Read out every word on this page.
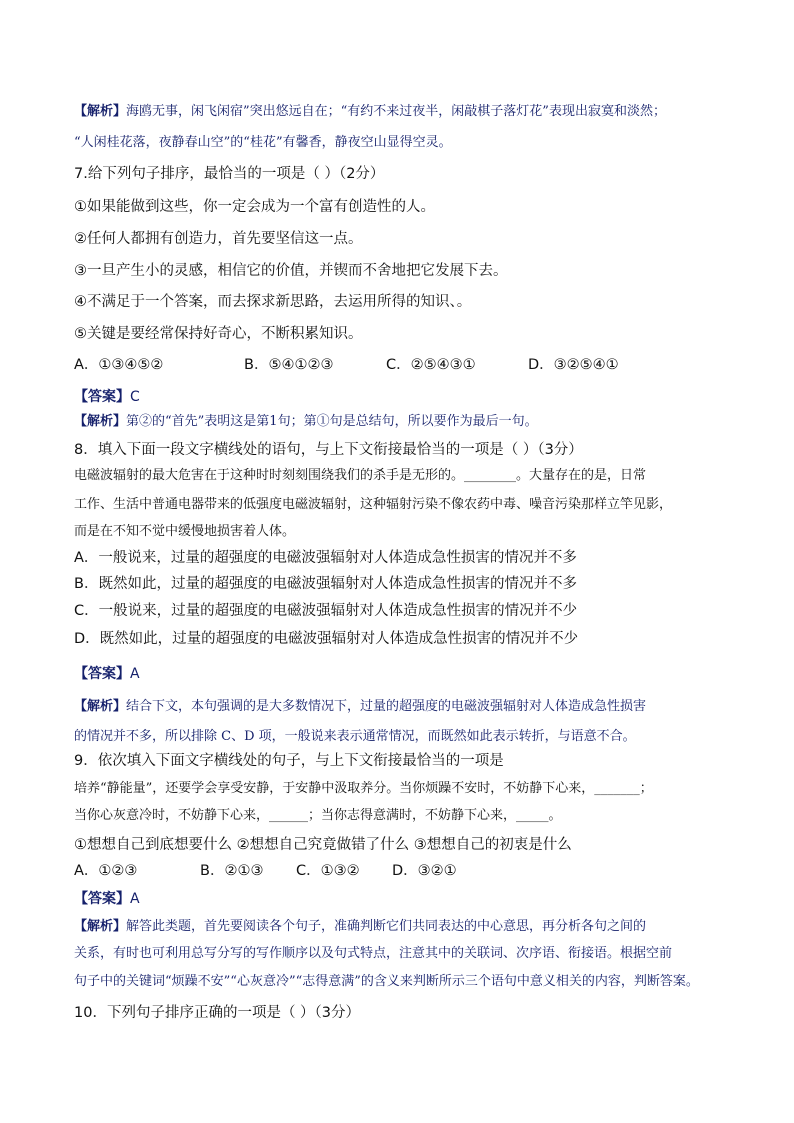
【解析】海鸥无事，闲飞闲宿”突出悠远自在；“有约不来过夜半，闲敲棋子落灯花”表现出寂寞和淡然；
“人闲桂花落，夜静春山空”的“桂花”有馨香，静夜空山显得空灵。
7.给下列句子排序，最恰当的一项是（ ）（2分）
①如果能做到这些，你一定会成为一个富有创造性的人。
②任何人都拥有创造力，首先要坚信这一点。
③一旦产生小的灵感，相信它的价值，并锲而不舍地把它发展下去。
④不满足于一个答案，而去探求新思路，去运用所得的知识、。
⑤关键是要经常保持好奇心，不断积累知识。
A．①③④⑤②	B．⑤④①②③	C．②⑤④③①	D．③②⑤④①
【答案】C
【解析】第②的“首先”表明这是第1句；第①句是总结句，所以要作为最后一句。
8．填入下面一段文字横线处的语句，与上下文衔接最恰当的一项是（ ）（3分）
电磁波辐射的最大危害在于这种时时刻刻围绕我们的杀手是无形的。________。大量存在的是，日常
工作、生活中普通电器带来的低强度电磁波辐射，这种辐射污染不像农药中毒、噪音污染那样立竿见影，
而是在不知不觉中缓慢地损害着人体。
A．一般说来，过量的超强度的电磁波强辐射对人体造成急性损害的情况并不多
B．既然如此，过量的超强度的电磁波强辐射对人体造成急性损害的情况并不多
C．一般说来，过量的超强度的电磁波强辐射对人体造成急性损害的情况并不少
D．既然如此，过量的超强度的电磁波强辐射对人体造成急性损害的情况并不少
【答案】A
【解析】结合下文，本句强调的是大多数情况下，过量的超强度的电磁波强辐射对人体造成急性损害
的情况并不多，所以排除 C、D 项，一般说来表示通常情况，而既然如此表示转折，与语意不合。
9．依次填入下面文字横线处的句子，与上下文衔接最恰当的一项是
培养“静能量”，还要学会享受安静，于安静中汲取养分。当你烦躁不安时，不妨静下心来，_______；
当你心灰意冷时，不妨静下心来，______；当你志得意满时，不妨静下心来，_____。
①想想自己到底想要什么 ②想想自己究竟做错了什么 ③想想自己的初衷是什么
A．①②③	B．②①③ C．①③② D．③②①
【答案】A
【解析】解答此类题，首先要阅读各个句子，准确判断它们共同表达的中心意思，再分析各句之间的
关系，有时也可利用总写分写的写作顺序以及句式特点，注意其中的关联词、次序语、衔接语。根据空前
句子中的关键词“烦躁不安”“心灰意冷”“志得意满”的含义来判断所示三个语句中意义相关的内容，判断答案。
10．下列句子排序正确的一项是（ ）（3分）
